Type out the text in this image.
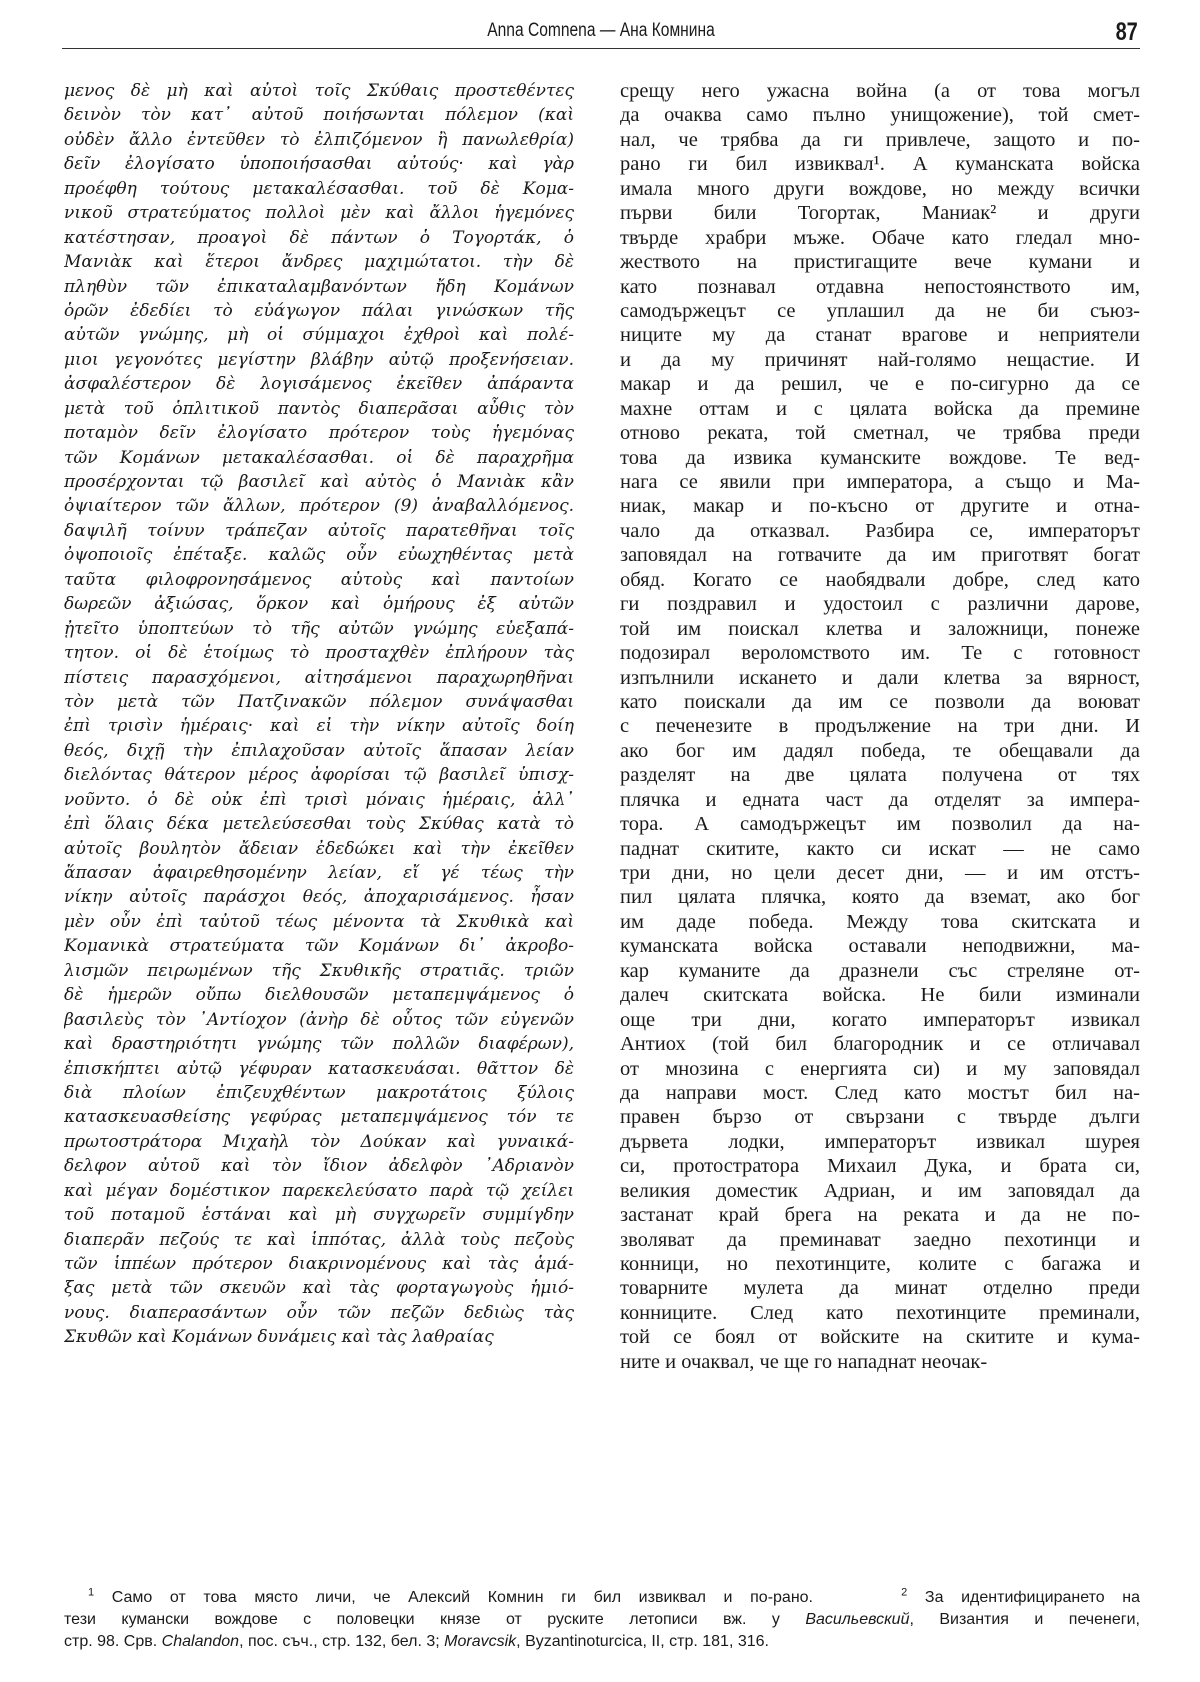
Anna Comnena — Ана Комнина	87
μενος δὲ μὴ καὶ αὐτοὶ τοῖς Σκύθαις προστεθέντες
δεινὸν τὸν κατ᾿ αὐτοῦ ποιήσωνται πόλεμον (καὶ
οὐδὲν ἄλλο ἐντεῦθεν τὸ ἐλπιζόμενον ἢ πανωλεθρία)
δεῖν ἐλογίσατο ὑποποιήσασθαι αὐτούς· καὶ γὰρ
προέφθη τούτους μετακαλέσασθαι. τοῦ δὲ Κομα-
νικοῦ στρατεύματος πολλοὶ μὲν καὶ ἄλλοι ἡγεμόνες
κατέστησαν, προαγοὶ δὲ πάντων ὁ Τογορτάκ, ὁ
Μανιὰκ καὶ ἕτεροι ἄνδρες μαχιμώτατοι. τὴν δὲ
πληθὺν τῶν ἐπικαταλαμβανόντων ἤδη Κομάνων
ὁρῶν ἐδεδίει τὸ εὐάγωγον πάλαι γινώσκων τῆς
αὐτῶν γνώμης, μὴ οἱ σύμμαχοι ἐχθροὶ καὶ πολέ-
μιοι γεγονότες μεγίστην βλάβην αὐτῷ προξενήσειαν.
ἀσφαλέστερον δὲ λογισάμενος ἐκεῖθεν ἀπάραντα
μετὰ τοῦ ὁπλιτικοῦ παντὸς διαπερᾶσαι αὖθις τὸν
ποταμὸν δεῖν ἐλογίσατο πρότερον τοὺς ἡγεμόνας
τῶν Κομάνων μετακαλέσασθαι. οἱ δὲ παραχρῆμα
προσέρχονται τῷ βασιλεῖ καὶ αὐτὸς ὁ Μανιὰκ κἂν
ὀψιαίτερον τῶν ἄλλων, πρότερον (9) ἀναβαλλόμενος.
δαψιλῆ τοίνυν τράπεζαν αὐτοῖς παρατεθῆναι τοῖς
ὀψοποιοῖς ἐπέταξε. καλῶς οὖν εὐωχηθέντας μετὰ
ταῦτα φιλοφρονησάμενος αὐτοὺς καὶ παντοίων
δωρεῶν ἀξιώσας, ὅρκον καὶ ὁμήρους ἐξ αὐτῶν
ᾐτεῖτο ὑποπτεύων τὸ τῆς αὐτῶν γνώμης εὐεξαπά-
τητον. οἱ δὲ ἑτοίμως τὸ προσταχθὲν ἐπλήρουν τὰς
πίστεις παρασχόμενοι, αἰτησάμενοι παραχωρηθῆναι
τὸν μετὰ τῶν Πατζινακῶν πόλεμον συνάψασθαι
ἐπὶ τρισὶν ἡμέραις· καὶ εἰ τὴν νίκην αὐτοῖς δοίη
θεός, διχῇ τὴν ἐπιλαχοῦσαν αὐτοῖς ἅπασαν λείαν
διελόντας θάτερον μέρος ἀφορίσαι τῷ βασιλεῖ ὑπισχ-
νοῦντο. ὁ δὲ οὐκ ἐπὶ τρισὶ μόναις ἡμέραις, ἀλλ᾿
ἐπὶ ὅλαις δέκα μετελεύσεσθαι τοὺς Σκύθας κατὰ τὸ
αὐτοῖς βουλητὸν ἄδειαν ἐδεδώκει καὶ τὴν ἐκεῖθεν
ἅπασαν ἀφαιρεθησομένην λείαν, εἴ γέ τέως τὴν
νίκην αὐτοῖς παράσχοι θεός, ἀποχαρισάμενος. ἦσαν
μὲν οὖν ἐπὶ ταὐτοῦ τέως μένοντα τὰ Σκυθικὰ καὶ
Κομανικὰ στρατεύματα τῶν Κομάνων δι᾿ ἀκροβο-
λισμῶν πειρωμένων τῆς Σκυθικῆς στρατιᾶς. τριῶν
δὲ ἡμερῶν οὔπω διελθουσῶν μεταπεμψάμενος ὁ
βασιλεὺς τὸν ᾿Αντίοχον (ἀνὴρ δὲ οὗτος τῶν εὐγενῶν
καὶ δραστηριότητι γνώμης τῶν πολλῶν διαφέρων),
ἐπισκήπτει αὐτῷ γέφυραν κατασκευάσαι. θᾶττον δὲ
διὰ πλοίων ἐπιζευχθέντων μακροτάτοις ξύλοις
κατασκευασθείσης γεφύρας μεταπεμψάμενος τόν τε
πρωτοστράτορα Μιχαὴλ τὸν Δούκαν καὶ γυναικά-
δελφον αὐτοῦ καὶ τὸν ἴδιον ἀδελφὸν ᾿Αδριανὸν
καὶ μέγαν δομέστικον παρεκελεύσατο παρὰ τῷ χείλει
τοῦ ποταμοῦ ἑστάναι καὶ μὴ συγχωρεῖν συμμίγδην
διαπερᾶν πεζούς τε καὶ ἱππότας, ἀλλὰ τοὺς πεζοὺς
τῶν ἱππέων πρότερον διακρινομένους καὶ τὰς ἁμά-
ξας μετὰ τῶν σκευῶν καὶ τὰς φορταγωγοὺς ἡμιό-
νους. διαπερασάντων οὖν τῶν πεζῶν δεδιὼς τὰς
Σκυθῶν καὶ Κομάνων δυνάμεις καὶ τὰς λαθραίας
срещу него ужасна война (а от това могъл
да очаква само пълно унищожение), той смет-
нал, че трябва да ги привлече, защото и по-
рано ги бил извиквал¹. А куманската войска
имала много други вождове, но между всички
първи били Тогортак, Маниак² и други
твърде храбри мъже. Обаче като гледал мно-
жеството на пристигащите вече кумани и
като познавал отдавна непостоянството им,
самодържецът се уплашил да не би съюз-
ниците му да станат врагове и неприятели
и да му причинят най-голямо нещастие. И
макар и да решил, че е по-сигурно да се
махне оттам и с цялата войска да премине
отново реката, той сметнал, че трябва преди
това да извика куманските вождове. Те вед-
нага се явили при императора, а също и Ма-
ниак, макар и по-късно от другите и отна-
чало да отказвал. Разбира се, императорът
заповядал на готвачите да им приготвят богат
обяд. Когато се наобядвали добре, след като
ги поздравил и удостоил с различни дарове,
той им поискал клетва и заложници, понеже
подозирал вероломството им. Те с готовност
изпълнили искането и дали клетва за вярност,
като поискали да им се позволи да воюват
с печенезите в продължение на три дни. И
ако бог им дадял победа, те обещавали да
разделят на две цялата получена от тях
плячка и едната част да отделят за импера-
тора. А самодържецът им позволил да на-
паднат скитите, както си искат — не само
три дни, но цели десет дни, — и им отстъ-
пил цялата плячка, която да вземат, ако бог
им даде победа. Между това скитската и
куманската войска оставали неподвижни, ма-
кар куманите да дразнели със стреляне от-
далеч скитската войска. Не били изминали
още три дни, когато императорът извикал
Антиох (той бил благородник и се отличавал
от мнозина с енергията си) и му заповядал
да направи мост. След като мостът бил на-
правен бързо от свързани с твърде дълги
дървета лодки, императорът извикал шурея
си, протостратора Михаил Дука, и брата си,
великия доместик Адриан, и им заповядал да
застанат край брега на реката и да не по-
зволяват да преминават заедно пехотинци и
конници, но пехотинците, колите с багажа и
товарните мулета да минат отделно преди
конниците. След като пехотинците преминали,
той се боял от войските на скитите и кума-
ните и очаквал, че ще го нападнат неочак-
$^1$ Само от това място личи, че Алексий Комнин ги бил извиквал и по-рано.	$^2$ За идентифицирането на
тези кумански вождове с половецки князе от руските летописи вж. у Васильевский, Византия и печенеги,
стр. 98. Срв. Chalandon, пос. съч., стр. 132, бел. 3; Moravcsik, Byzantinoturcica, II, стр. 181, 316.
